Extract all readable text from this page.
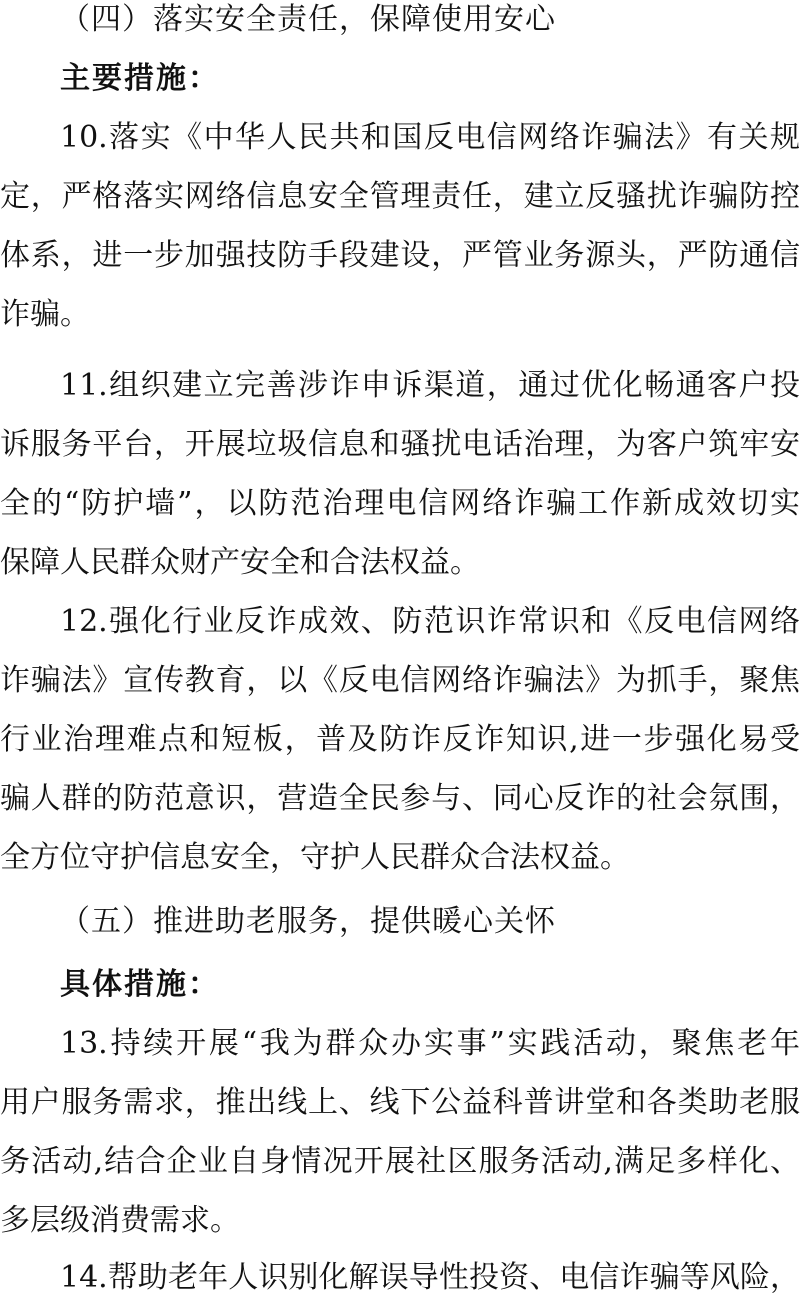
（四）落实安全责任，保障使用安心
主要措施：
10.落实《中华人民共和国反电信网络诈骗法》有关规
定，严格落实网络信息安全管理责任，建立反骚扰诈骗防控
体系，进一步加强技防手段建设，严管业务源头，严防通信
诈骗。
11.组织建立完善涉诈申诉渠道，通过优化畅通客户投
诉服务平台，开展垃圾信息和骚扰电话治理，为客户筑牢安
全的“防护墙”，以防范治理电信网络诈骗工作新成效切实
保障人民群众财产安全和合法权益。
12.强化行业反诈成效、防范识诈常识和《反电信网络
诈骗法》宣传教育，以《反电信网络诈骗法》为抓手，聚焦
行业治理难点和短板，普及防诈反诈知识,进一步强化易受
骗人群的防范意识，营造全民参与、同心反诈的社会氛围，
全方位守护信息安全，守护人民群众合法权益。
（五）推进助老服务，提供暖心关怀
具体措施：
13.持续开展“我为群众办实事”实践活动，聚焦老年
用户服务需求，推出线上、线下公益科普讲堂和各类助老服
务活动,结合企业自身情况开展社区服务活动,满足多样化、
多层级消费需求。
14.帮助老年人识别化解误导性投资、电信诈骗等风险，
